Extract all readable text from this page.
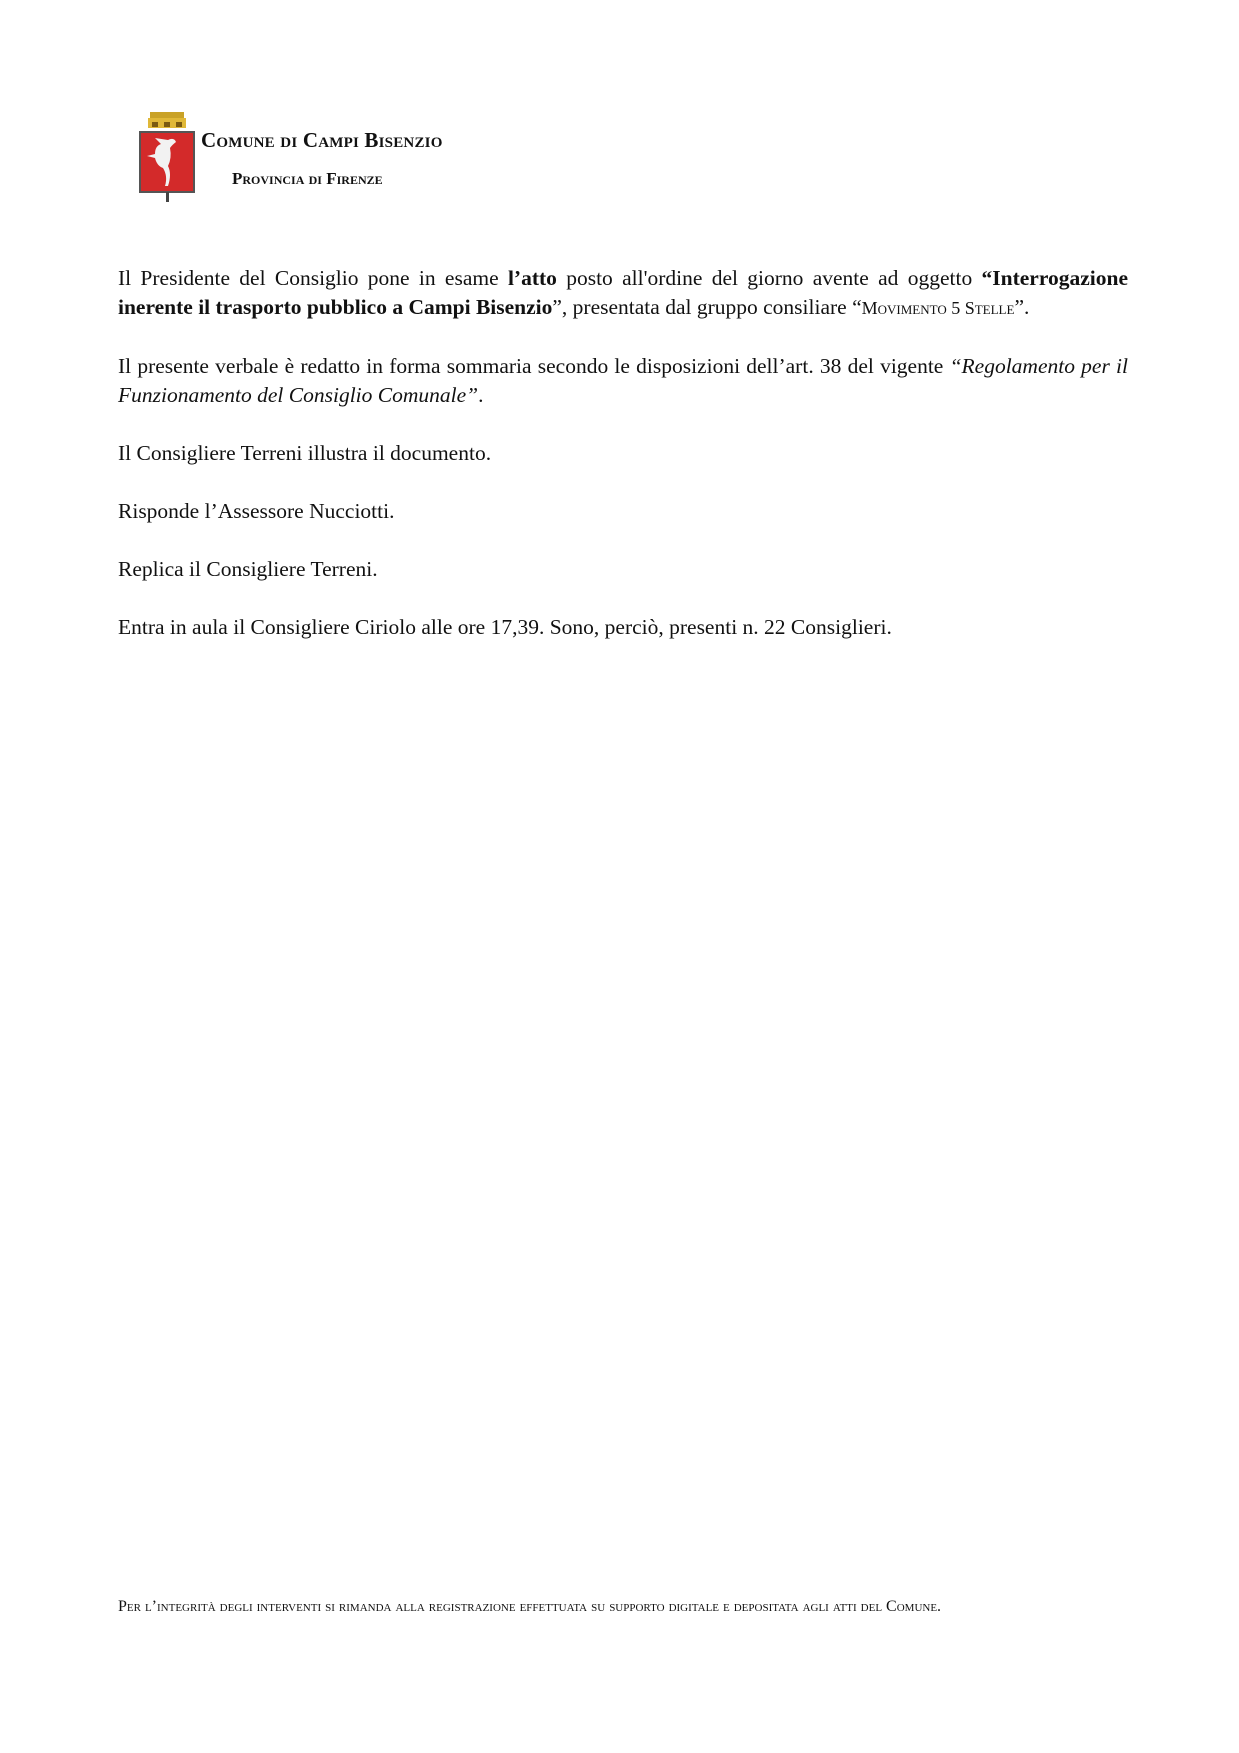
Comune di Campi Bisenzio
Provincia di Firenze

Il Presidente del Consiglio pone in esame l’atto posto all'ordine del giorno avente ad oggetto “Interrogazione inerente il trasporto pubblico a Campi Bisenzio”, presentata dal gruppo consiliare “Movimento 5 Stelle”.

Il presente verbale è redatto in forma sommaria secondo le disposizioni dell’art. 38 del vigente “Regolamento per il Funzionamento del Consiglio Comunale”.

Il Consigliere Terreni illustra il documento.

Risponde l’Assessore Nucciotti.

Replica il Consigliere Terreni.

Entra in aula il Consigliere Ciriolo alle ore 17,39. Sono, perciò, presenti n. 22 Consiglieri.

Per l’integrità degli interventi si rimanda alla registrazione effettuata su supporto digitale e depositata agli atti del Comune.
